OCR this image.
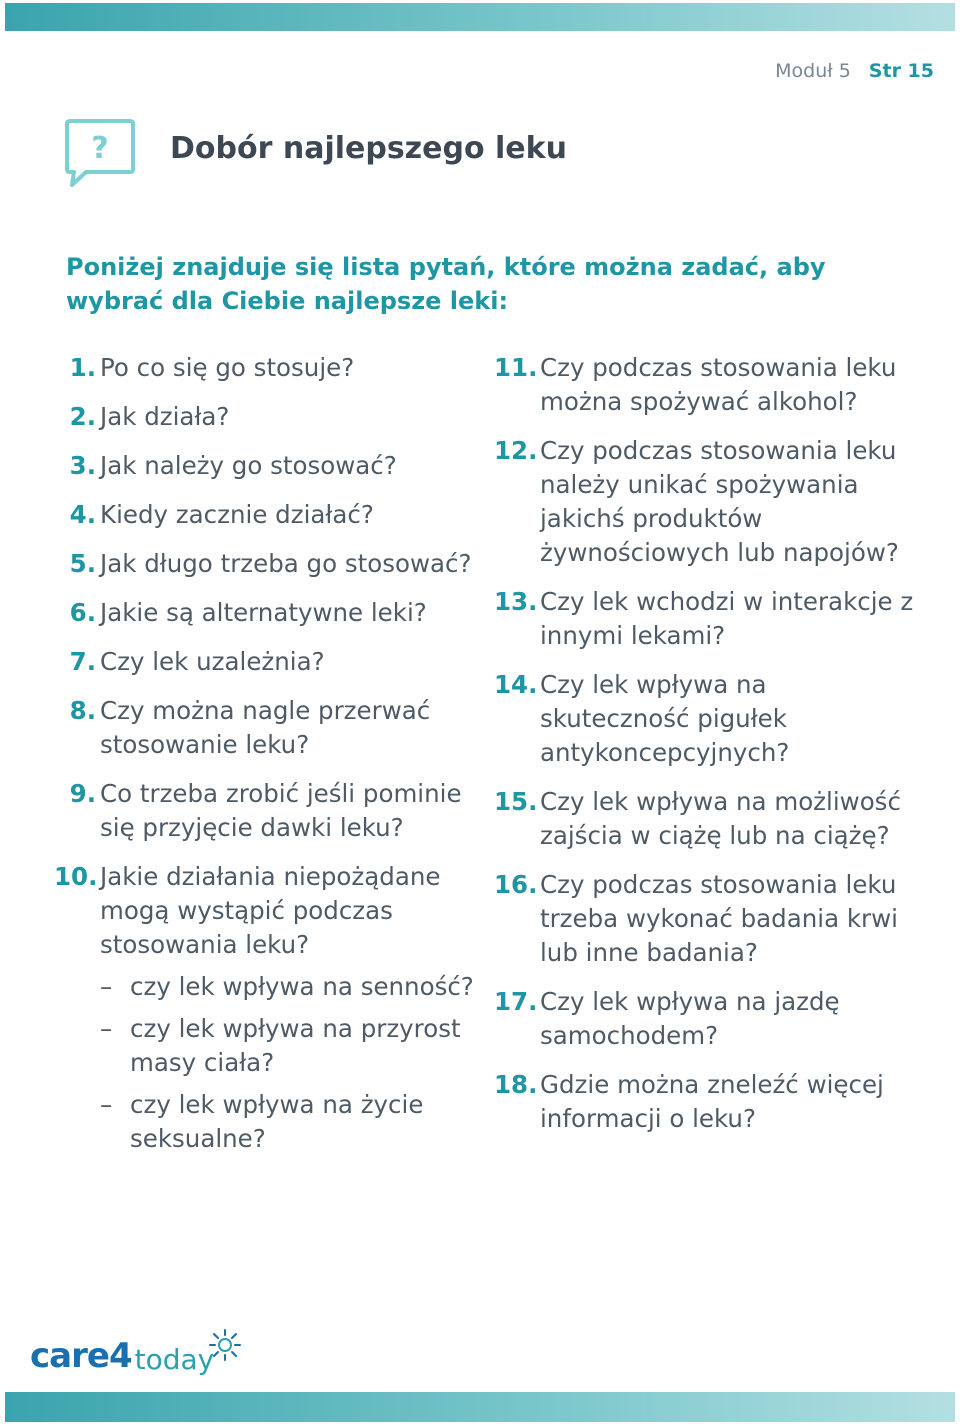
Moduł 5 Str 15
? Dobór najlepszego leku

Poniżej znajduje się lista pytań, które można zadać, aby wybrać dla Ciebie najlepsze leki:

1. Po co się go stosuje?
2. Jak działa?
3. Jak należy go stosować?
4. Kiedy zacznie działać?
5. Jak długo trzeba go stosować?
6. Jakie są alternatywne leki?
7. Czy lek uzależnia?
8. Czy można nagle przerwać stosowanie leku?
9. Co trzeba zrobić jeśli pominie się przyjęcie dawki leku?
10. Jakie działania niepożądane mogą wystąpić podczas stosowania leku?
– czy lek wpływa na senność?
– czy lek wpływa na przyrost masy ciała?
– czy lek wpływa na życie seksualne?
11. Czy podczas stosowania leku można spożywać alkohol?
12. Czy podczas stosowania leku należy unikać spożywania jakichś produktów żywnościowych lub napojów?
13. Czy lek wchodzi w interakcje z innymi lekami?
14. Czy lek wpływa na skuteczność pigułek antykoncepcyjnych?
15. Czy lek wpływa na możliwość zajścia w ciążę lub na ciążę?
16. Czy podczas stosowania leku trzeba wykonać badania krwi lub inne badania?
17. Czy lek wpływa na jazdę samochodem?
18. Gdzie można zneleźć więcej informacji o leku?
care 4 today
